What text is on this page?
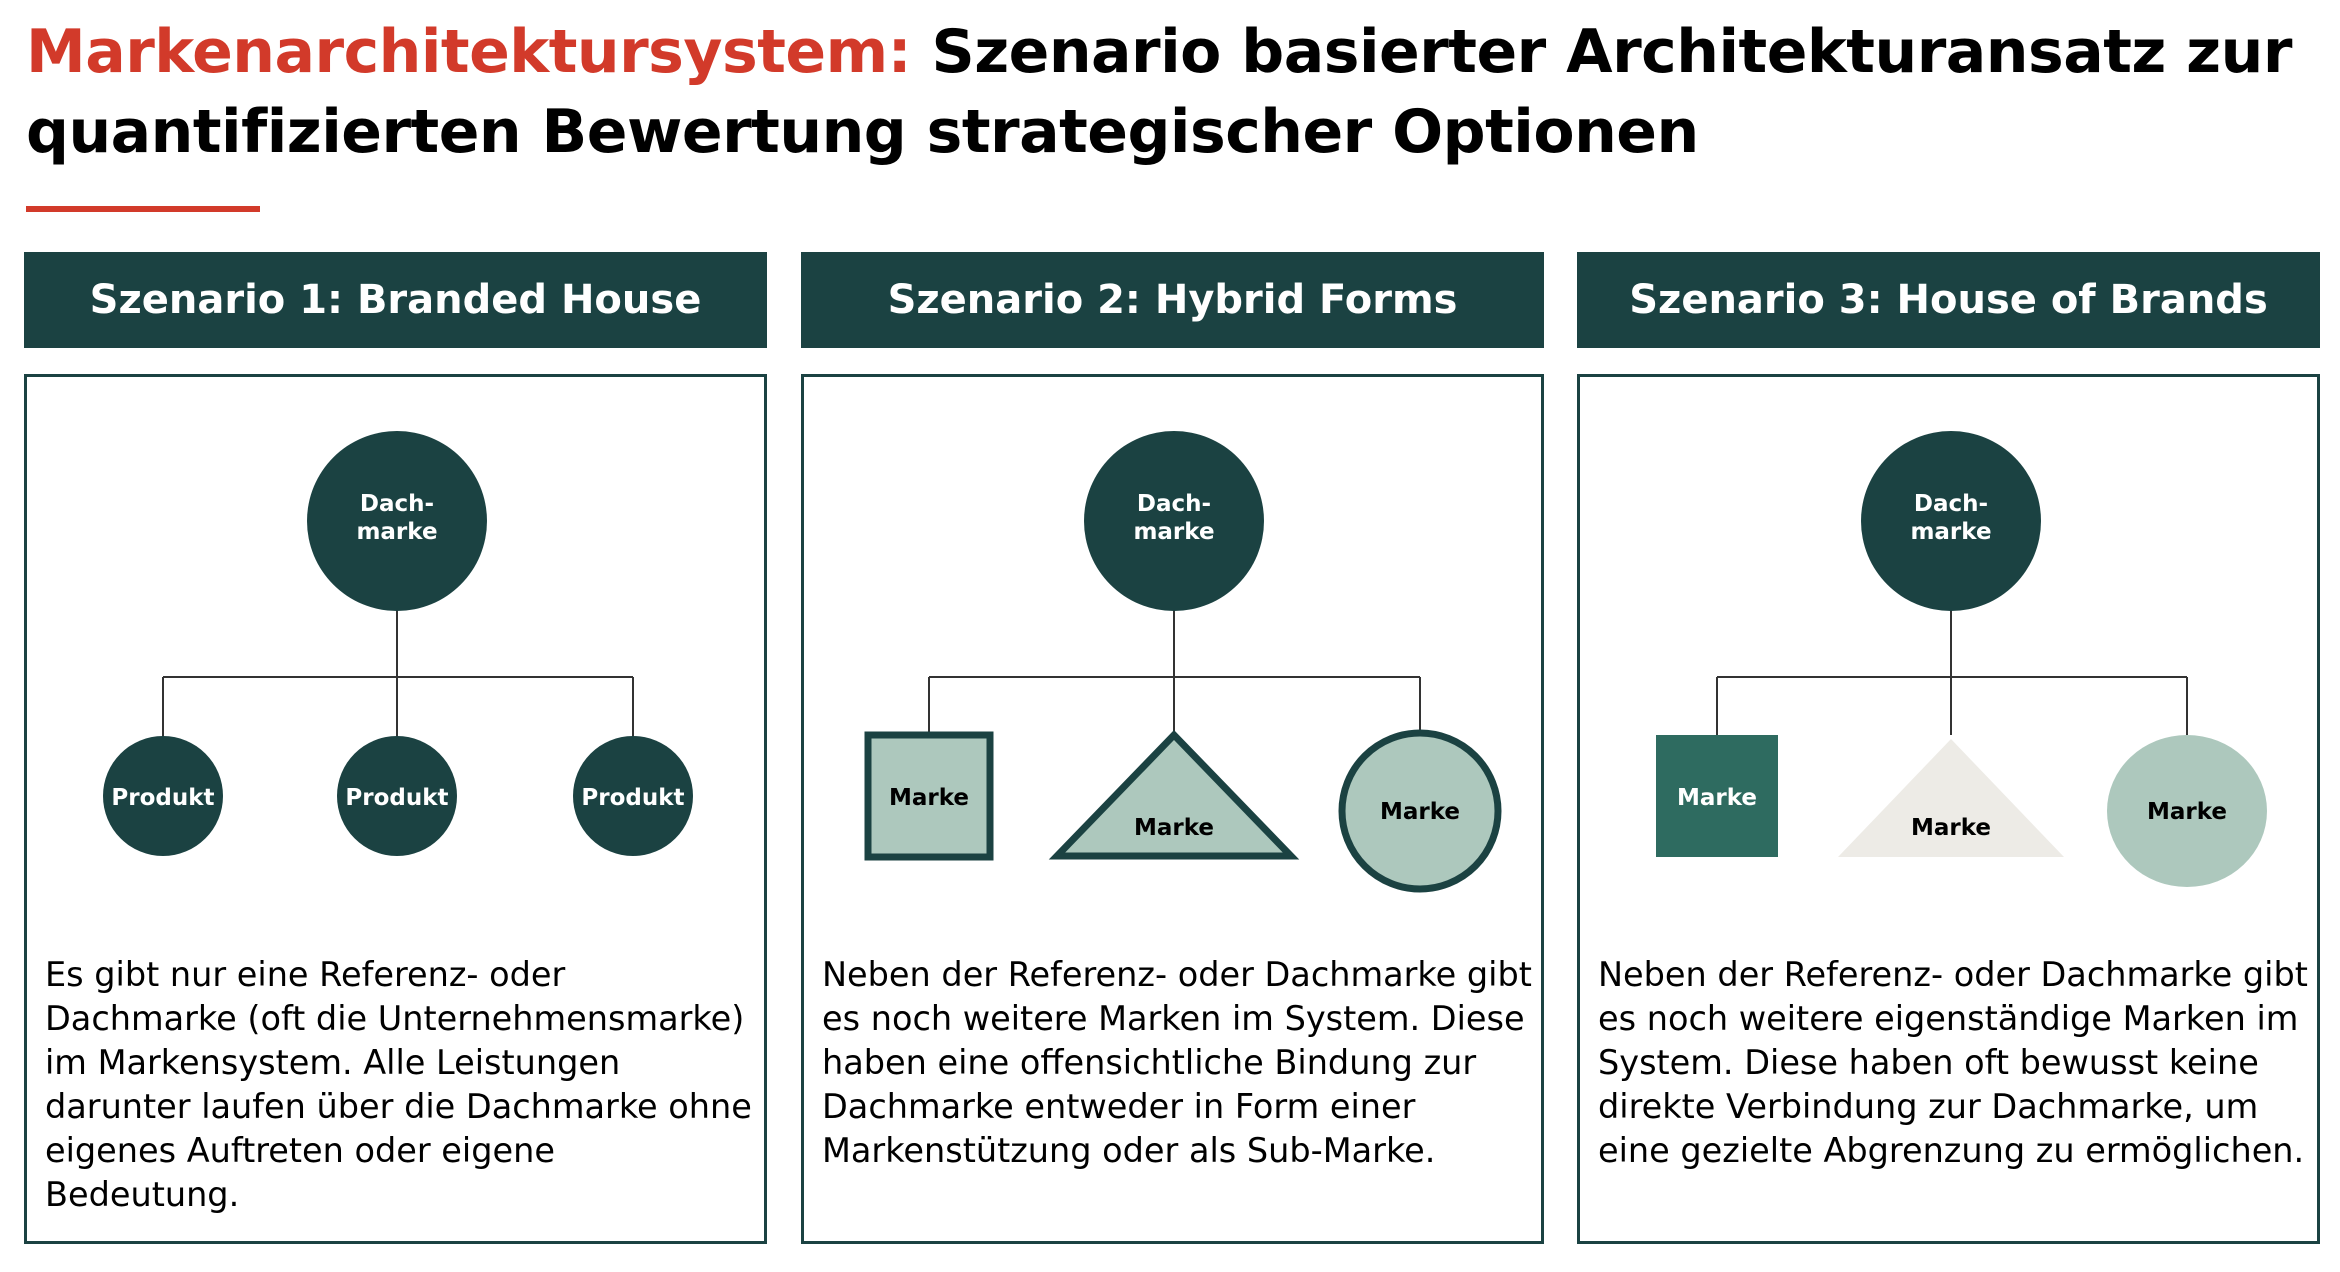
Markenarchitektursystem: Szenario basierter Architekturansatz zur quantifizierten Bewertung strategischer Optionen
Szenario 1: Branded House	Szenario 2: Hybrid Forms	Szenario 3: House of Brands
Dach-
marke
Produkt	Produkt	Produkt
Es gibt nur eine Referenz- oder Dachmarke (oft die Unternehmensmarke) im Markensystem. Alle Leistungen darunter laufen über die Dachmarke ohne eigenes Auftreten oder eigene Bedeutung.
Dach-
marke
Marke
Marke
Marke
Neben der Referenz- oder Dachmarke gibt es noch weitere Marken im System. Diese haben eine offensichtliche Bindung zur Dachmarke entweder in Form einer Markenstützung oder als Sub-Marke.
Dach-
marke
Marke
Marke
Marke
Neben der Referenz- oder Dachmarke gibt es noch weitere eigenständige Marken im System. Diese haben oft bewusst keine direkte Verbindung zur Dachmarke, um eine gezielte Abgrenzung zu ermöglichen.
